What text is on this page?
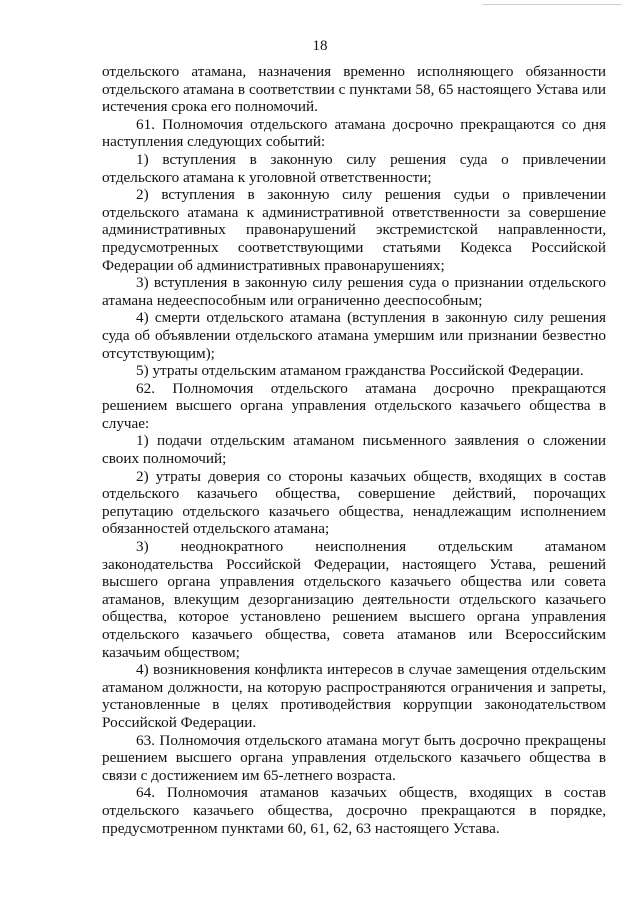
18

отдельского атамана, назначения временно исполняющего обязанности отдельского атамана в соответствии с пунктами 58, 65 настоящего Устава или истечения срока его полномочий.

61. Полномочия отдельского атамана досрочно прекращаются со дня наступления следующих событий:

1) вступления в законную силу решения суда о привлечении отдельского атамана к уголовной ответственности;

2) вступления в законную силу решения судьи о привлечении отдельского атамана к административной ответственности за совершение административных правонарушений экстремистской направленности, предусмотренных соответствующими статьями Кодекса Российской Федерации об административных правонарушениях;

3) вступления в законную силу решения суда о признании отдельского атамана недееспособным или ограниченно дееспособным;

4) смерти отдельского атамана (вступления в законную силу решения суда об объявлении отдельского атамана умершим или признании безвестно отсутствующим);

5) утраты отдельским атаманом гражданства Российской Федерации.

62. Полномочия отдельского атамана досрочно прекращаются решением высшего органа управления отдельского казачьего общества в случае:

1) подачи отдельским атаманом письменного заявления о сложении своих полномочий;

2) утраты доверия со стороны казачьих обществ, входящих в состав отдельского казачьего общества, совершение действий, порочащих репутацию отдельского казачьего общества, ненадлежащим исполнением обязанностей отдельского атамана;

3) неоднократного неисполнения отдельским атаманом законодательства Российской Федерации, настоящего Устава, решений высшего органа управления отдельского казачьего общества или совета атаманов, влекущим дезорганизацию деятельности отдельского казачьего общества, которое установлено решением высшего органа управления отдельского казачьего общества, совета атаманов или Всероссийским казачьим обществом;

4) возникновения конфликта интересов в случае замещения отдельским атаманом должности, на которую распространяются ограничения и запреты, установленные в целях противодействия коррупции законодательством Российской Федерации.

63. Полномочия отдельского атамана могут быть досрочно прекращены решением высшего органа управления отдельского казачьего общества в связи с достижением им 65-летнего возраста.

64. Полномочия атаманов казачьих обществ, входящих в состав отдельского казачьего общества, досрочно прекращаются в порядке, предусмотренном пунктами 60, 61, 62, 63 настоящего Устава.
